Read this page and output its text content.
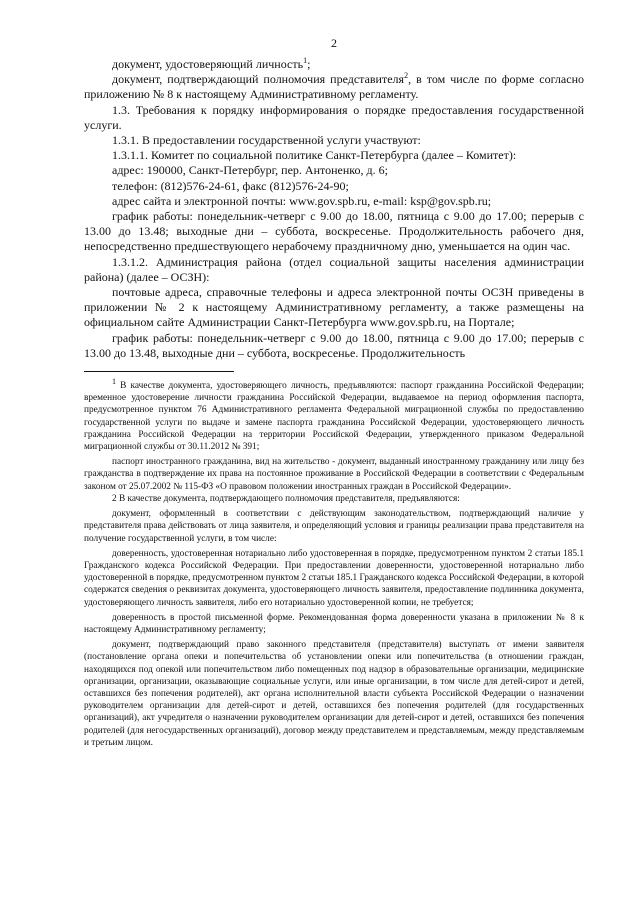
2

документ, удостоверяющий личность$^1$;

документ, подтверждающий полномочия представителя$^2$, в том числе по форме согласно приложению № 8 к настоящему Административному регламенту.

1.3. Требования к порядку информирования о порядке предоставления государственной услуги.

1.3.1. В предоставлении государственной услуги участвуют:

1.3.1.1. Комитет по социальной политике Санкт-Петербурга (далее – Комитет):

адрес: 190000, Санкт-Петербург, пер. Антоненко, д. 6;

телефон: (812)576-24-61, факс (812)576-24-90;

адрес сайта и электронной почты: www.gov.spb.ru, e-mail: ksp@gov.spb.ru;

график работы: понедельник-четверг с 9.00 до 18.00, пятница с 9.00 до 17.00; перерыв с 13.00 до 13.48; выходные дни – суббота, воскресенье. Продолжительность рабочего дня, непосредственно предшествующего нерабочему праздничному дню, уменьшается на один час.

1.3.1.2. Администрация района (отдел социальной защиты населения администрации района) (далее – ОСЗН):

почтовые адреса, справочные телефоны и адреса электронной почты ОСЗН приведены в приложении № 2 к настоящему Административному регламенту, а также размещены на официальном сайте Администрации Санкт-Петербурга www.gov.spb.ru, на Портале;

график работы: понедельник-четверг с 9.00 до 18.00, пятница с 9.00 до 17.00; перерыв с 13.00 до 13.48, выходные дни – суббота, воскресенье. Продолжительность

$^1$ В качестве документа, удостоверяющего личность, предъявляются: паспорт гражданина Российской Федерации; временное удостоверение личности гражданина Российской Федерации, выдаваемое на период оформления паспорта, предусмотренное пунктом 76 Административного регламента Федеральной миграционной службы по предоставлению государственной услуги по выдаче и замене паспорта гражданина Российской Федерации, удостоверяющего личность гражданина Российской Федерации на территории Российской Федерации, утвержденного приказом Федеральной миграционной службы от 30.11.2012 № 391;

паспорт иностранного гражданина, вид на жительство - документ, выданный иностранному гражданину или лицу без гражданства в подтверждение их права на постоянное проживание в Российской Федерации в соответствии с Федеральным законом от 25.07.2002 № 115-ФЗ «О правовом положении иностранных граждан в Российской Федерации».

2 В качестве документа, подтверждающего полномочия представителя, предъявляются:

документ, оформленный в соответствии с действующим законодательством, подтверждающий наличие у представителя права действовать от лица заявителя, и определяющий условия и границы реализации права представителя на получение государственной услуги, в том числе:

доверенность, удостоверенная нотариально либо удостоверенная в порядке, предусмотренном пунктом 2 статьи 185.1 Гражданского кодекса Российской Федерации. При предоставлении доверенности, удостоверенной нотариально либо удостоверенной в порядке, предусмотренном пунктом 2 статьи 185.1 Гражданского кодекса Российской Федерации, в которой содержатся сведения о реквизитах документа, удостоверяющего личность заявителя, предоставление подлинника документа, удостоверяющего личность заявителя, либо его нотариально удостоверенной копии, не требуется;

доверенность в простой письменной форме. Рекомендованная форма доверенности указана в приложении № 8 к настоящему Административному регламенту;

документ, подтверждающий право законного представителя (представителя) выступать от имени заявителя (постановление органа опеки и попечительства об установлении опеки или попечительства (в отношении граждан, находящихся под опекой или попечительством либо помещенных под надзор в образовательные организации, медицинские организации, организации, оказывающие социальные услуги, или иные организации, в том числе для детей-сирот и детей, оставшихся без попечения родителей), акт органа исполнительной власти субъекта Российской Федерации о назначении руководителем организации для детей-сирот и детей, оставшихся без попечения родителей (для государственных организаций), акт учредителя о назначении руководителем организации для детей-сирот и детей, оставшихся без попечения родителей (для негосударственных организаций), договор между представителем и представляемым, между представляемым и третьим лицом.
